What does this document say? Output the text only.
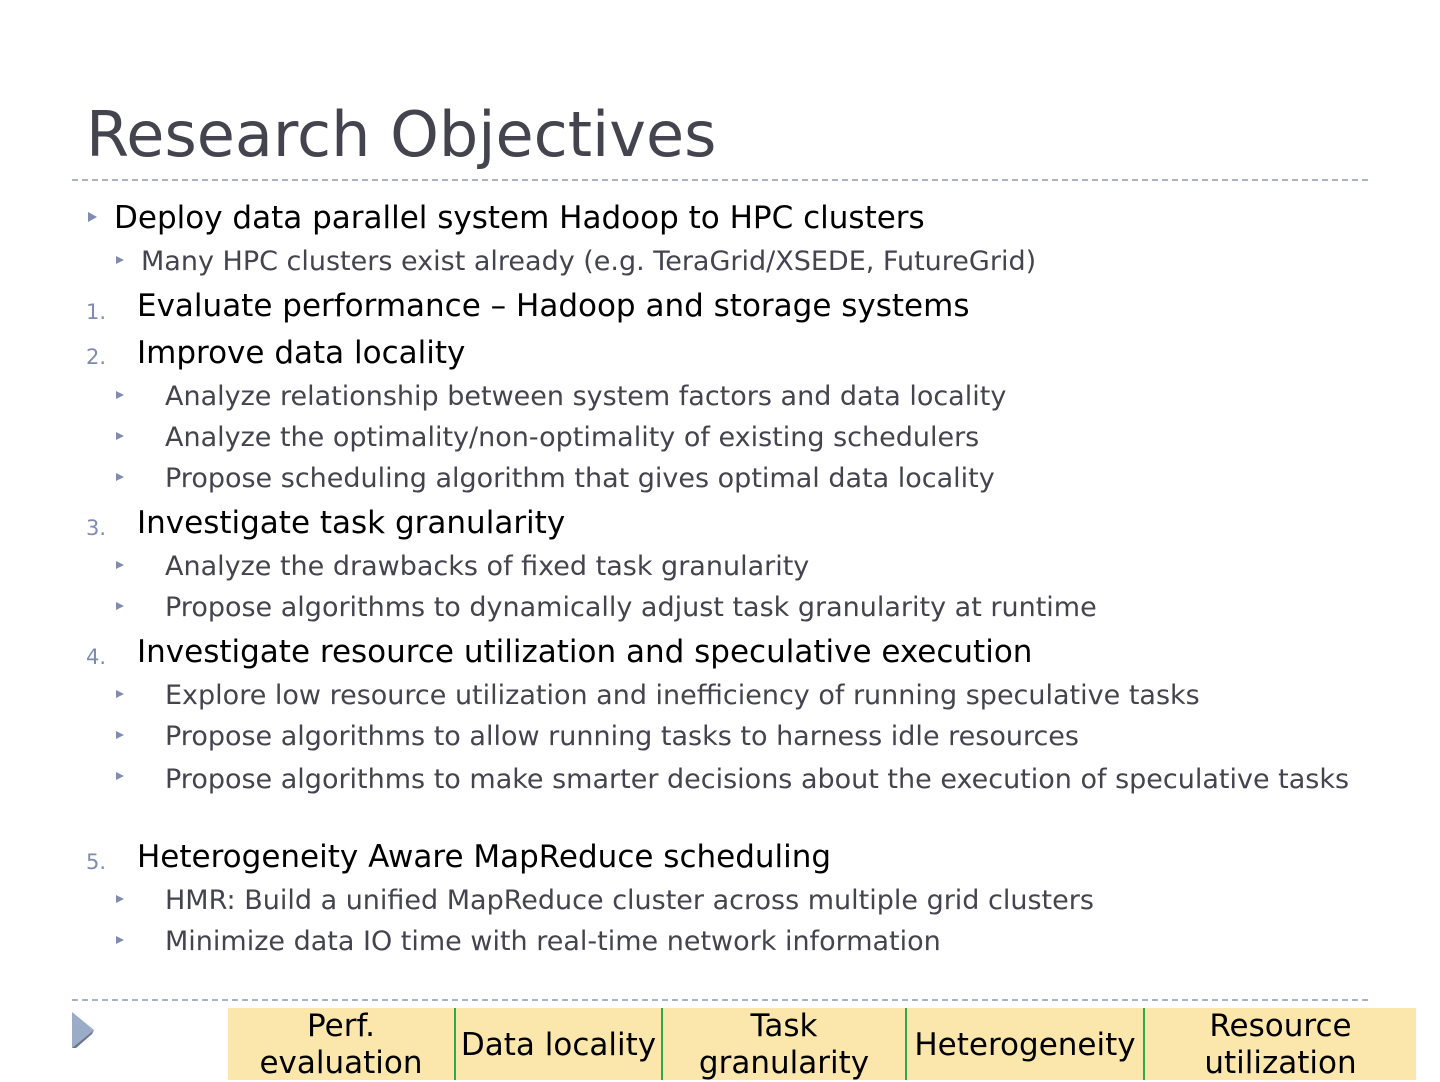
Research Objectives
Deploy data parallel system Hadoop to HPC clusters
Many HPC clusters exist already (e.g. TeraGrid/XSEDE, FutureGrid)
1. Evaluate performance – Hadoop and storage systems
2. Improve data locality
Analyze relationship between system factors and data locality
Analyze the optimality/non-optimality of existing schedulers
Propose scheduling algorithm that gives optimal data locality
3. Investigate task granularity
Analyze the drawbacks of fixed task granularity
Propose algorithms to dynamically adjust task granularity at runtime
4. Investigate resource utilization and speculative execution
Explore low resource utilization and inefficiency of running speculative tasks
Propose algorithms to allow running tasks to harness idle resources
Propose algorithms to make smarter decisions about the execution of speculative tasks
5. Heterogeneity Aware MapReduce scheduling
HMR: Build a unified MapReduce cluster across multiple grid clusters
Minimize data IO time with real-time network information
Perf.
evaluation
Data locality
Task
granularity
Heterogeneity
Resource
utilization
